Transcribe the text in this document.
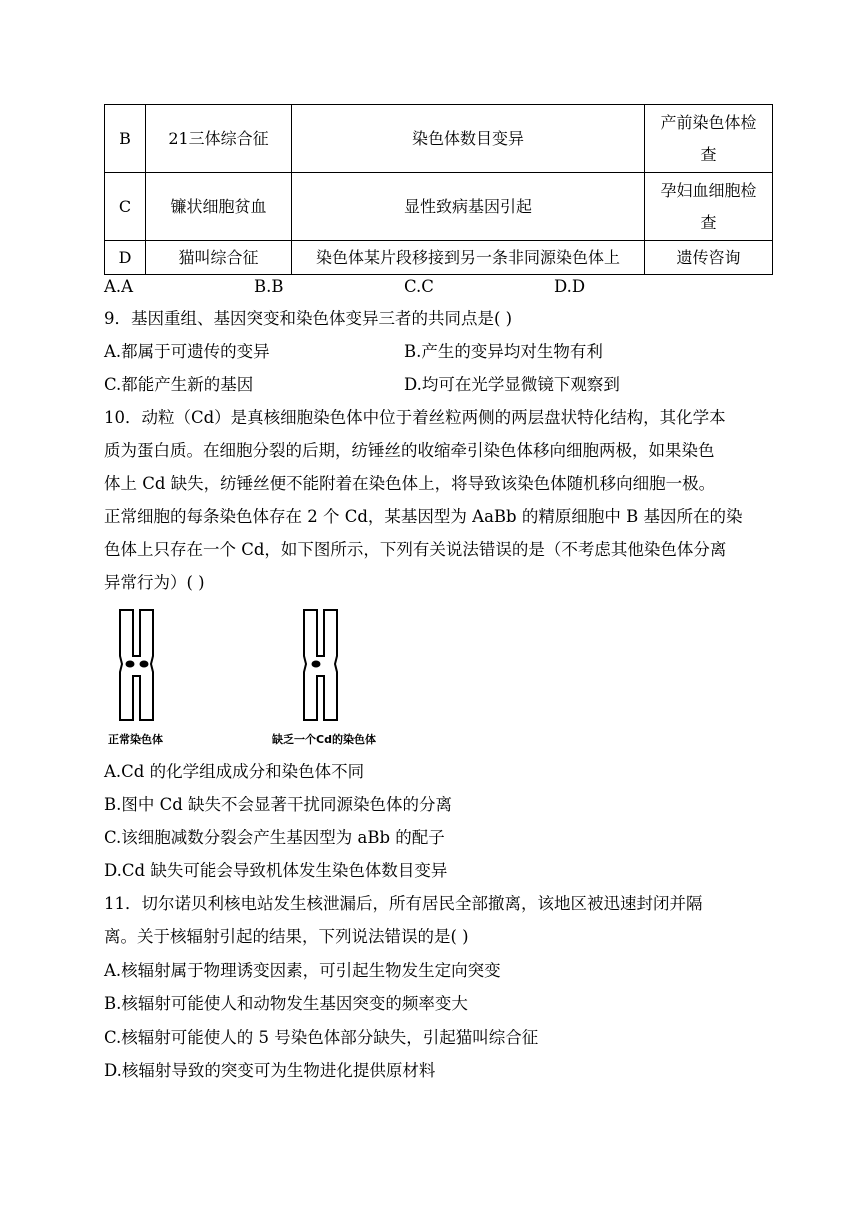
B	21三体综合征	染色体数目变异	产前染色体检
查
C	镰状细胞贫血	显性致病基因引起	孕妇血细胞检
查
D	猫叫综合征	染色体某片段移接到另一条非同源染色体上	遗传咨询
A.A	B.B	C.C	D.D
9．基因重组、基因突变和染色体变异三者的共同点是( )
A.都属于可遗传的变异	B.产生的变异均对生物有利
C.都能产生新的基因	D.均可在光学显微镜下观察到
10．动粒（Cd）是真核细胞染色体中位于着丝粒两侧的两层盘状特化结构，其化学本
质为蛋白质。在细胞分裂的后期，纺锤丝的收缩牵引染色体移向细胞两极，如果染色
体上 Cd 缺失，纺锤丝便不能附着在染色体上，将导致该染色体随机移向细胞一极。
正常细胞的每条染色体存在 2 个 Cd，某基因型为 AaBb 的精原细胞中 B 基因所在的染
色体上只存在一个 Cd，如下图所示，下列有关说法错误的是（不考虑其他染色体分离
异常行为）( )
正常染色体	缺乏一个Cd的染色体
A.Cd 的化学组成成分和染色体不同
B.图中 Cd 缺失不会显著干扰同源染色体的分离
C.该细胞减数分裂会产生基因型为 aBb 的配子
D.Cd 缺失可能会导致机体发生染色体数目变异
11．切尔诺贝利核电站发生核泄漏后，所有居民全部撤离，该地区被迅速封闭并隔
离。关于核辐射引起的结果，下列说法错误的是( )
A.核辐射属于物理诱变因素，可引起生物发生定向突变
B.核辐射可能使人和动物发生基因突变的频率变大
C.核辐射可能使人的 5 号染色体部分缺失，引起猫叫综合征
D.核辐射导致的突变可为生物进化提供原材料
